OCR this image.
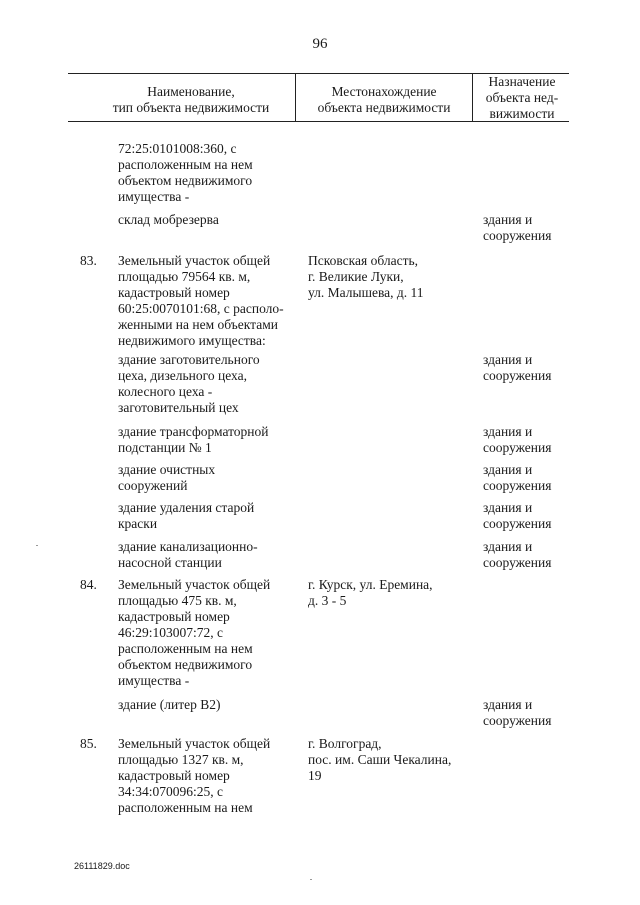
96
Наименование,
тип объекта недвижимости
Местонахождение
объекта недвижимости
Назначение
объекта нед-
вижимости
72:25:0101008:360, с
расположенным на нем
объектом недвижимого
имущества -
склад мобрезерва	здания и
сооружения
83. Земельный участок общей
площадью 79564 кв. м,
кадастровый номер
60:25:0070101:68, с располо-
женными на нем объектами
недвижимого имущества:
Псковская область,
г. Великие Луки,
ул. Малышева, д. 11
здание заготовительного
цеха, дизельного цеха,
колесного цеха -
заготовительный цех
здания и
сооружения
здание трансформаторной
подстанции № 1
здания и
сооружения
здание очистных
сооружений
здания и
сооружения
здание удаления старой
краски
здания и
сооружения
здание канализационно-
насосной станции
здания и
сооружения
84. Земельный участок общей
площадью 475 кв. м,
кадастровый номер
46:29:103007:72, с
расположенным на нем
объектом недвижимого
имущества -
г. Курск, ул. Еремина,
д. 3 - 5
здание (литер В2)	здания и
сооружения
85. Земельный участок общей
площадью 1327 кв. м,
кадастровый номер
34:34:070096:25, с
расположенным на нем
г. Волгоград,
пос. им. Саши Чекалина,
19
26111829.doc
